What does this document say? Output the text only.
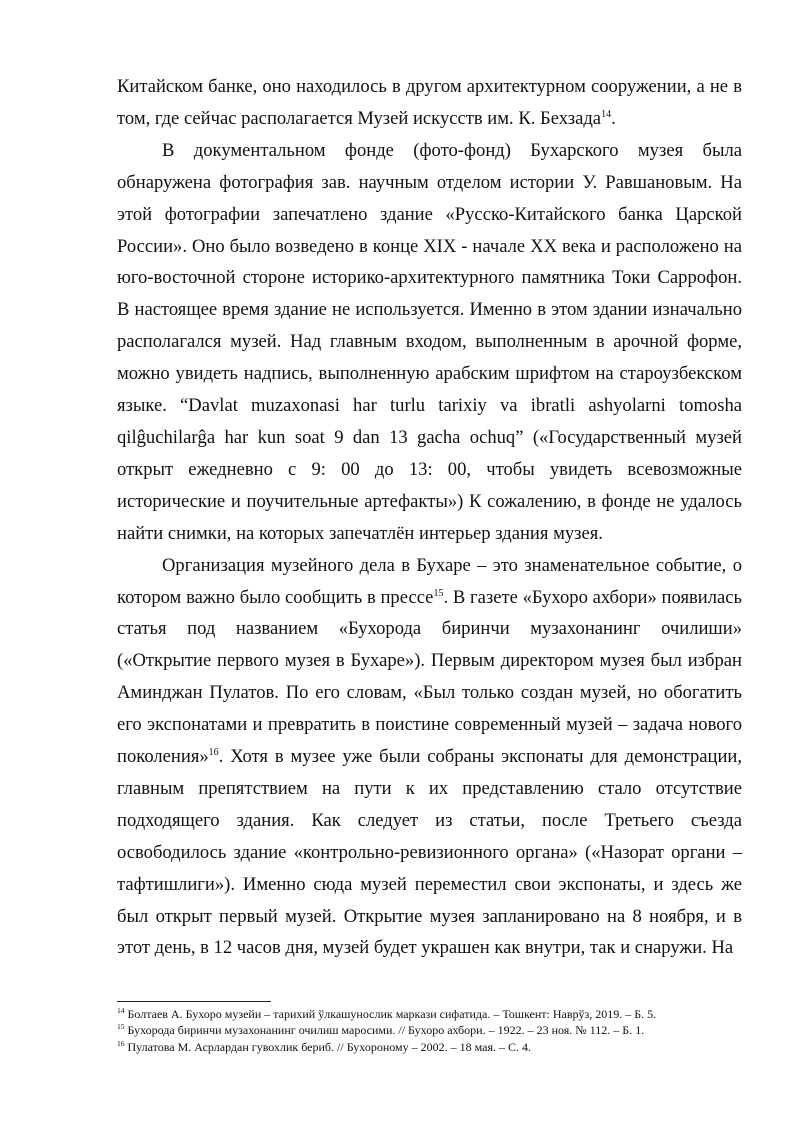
Китайском банке, оно находилось в другом архитектурном сооружении, а не в том, где сейчас располагается Музей искусств им. К. Бехзада$^{14}$.

В документальном фонде (фото-фонд) Бухарского музея была обнаружена фотография зав. научным отделом истории У. Равшановым. На этой фотографии запечатлено здание «Русско-Китайского банка Царской России». Оно было возведено в конце XIX - начале XX века и расположено на юго-восточной стороне историко-архитектурного памятника Токи Саррофон. В настоящее время здание не используется. Именно в этом здании изначально располагался музей. Над главным входом, выполненным в арочной форме, можно увидеть надпись, выполненную арабским шрифтом на староузбекском языке. “Davlat muzaxonasi har turlu tarixiy va ibratli ashyolarni tomosha qilĝuchilarĝa har kun soat 9 dan 13 gacha ochuq” («Государственный музей открыт ежедневно с 9: 00 до 13: 00, чтобы увидеть всевозможные исторические и поучительные артефакты») К сожалению, в фонде не удалось найти снимки, на которых запечатлён интерьер здания музея.

Организация музейного дела в Бухаре – это знаменательное событие, о котором важно было сообщить в прессе$^{15}$. В газете «Бухоро ахбори» появилась статья под названием «Бухорода биринчи музахонанинг очилиши» («Открытие первого музея в Бухаре»). Первым директором музея был избран Аминджан Пулатов. По его словам, «Был только создан музей, но обогатить его экспонатами и превратить в поистине современный музей – задача нового поколения»$^{16}$. Хотя в музее уже были собраны экспонаты для демонстрации, главным препятствием на пути к их представлению стало отсутствие подходящего здания. Как следует из статьи, после Третьего съезда освободилось здание «контрольно-ревизионного органа» («Назорат органи – тафтишлиги»). Именно сюда музей переместил свои экспонаты, и здесь же был открыт первый музей. Открытие музея запланировано на 8 ноября, и в этот день, в 12 часов дня, музей будет украшен как внутри, так и снаружи. На

$^{14}$ Болтаев А. Бухоро музейи – тарихий ўлкашунослик маркази сифатида. – Тошкент: Наврўз, 2019. – Б. 5.

$^{15}$ Бухорода биринчи музахонанинг очилиш маросими. // Бухоро ахбори. – 1922. – 23 ноя. № 112. – Б. 1.

$^{16}$ Пулатова М. Асрлардан гувохлик бериб. // Бухороному – 2002. – 18 мая. – С. 4.
